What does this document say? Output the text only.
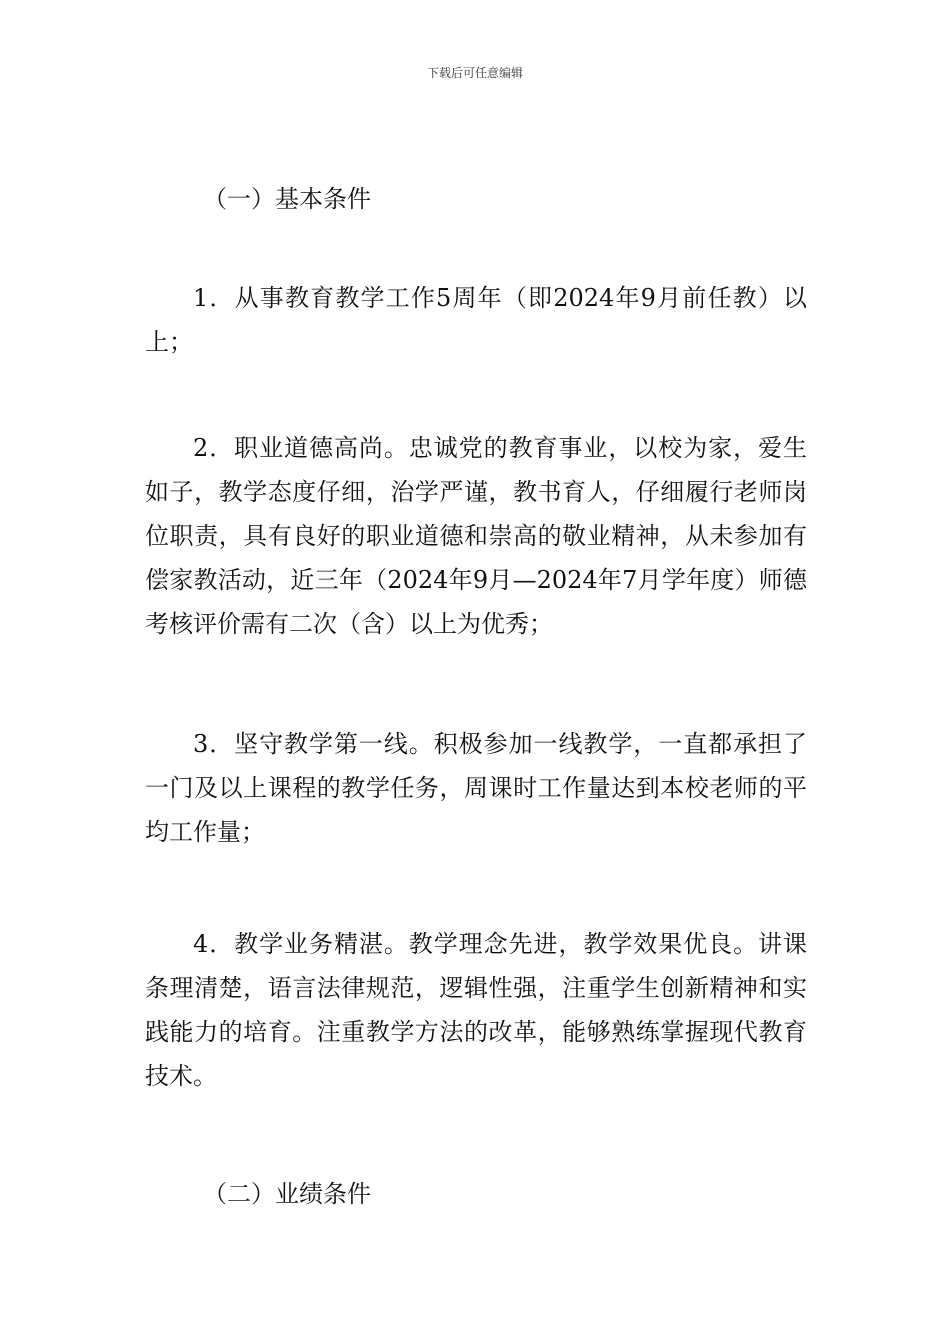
下载后可任意编辑

（一）基本条件

1．从事教育教学工作5周年（即2024年9月前任教）以上；

2．职业道德高尚。忠诚党的教育事业，以校为家，爱生如子，教学态度仔细，治学严谨，教书育人，仔细履行老师岗位职责，具有良好的职业道德和崇高的敬业精神，从未参加有偿家教活动，近三年（2024年9月—2024年7月学年度）师德考核评价需有二次（含）以上为优秀；

3．坚守教学第一线。积极参加一线教学，一直都承担了一门及以上课程的教学任务，周课时工作量达到本校老师的平均工作量；

4．教学业务精湛。教学理念先进，教学效果优良。讲课条理清楚，语言法律规范，逻辑性强，注重学生创新精神和实践能力的培育。注重教学方法的改革，能够熟练掌握现代教育技术。

（二）业绩条件
